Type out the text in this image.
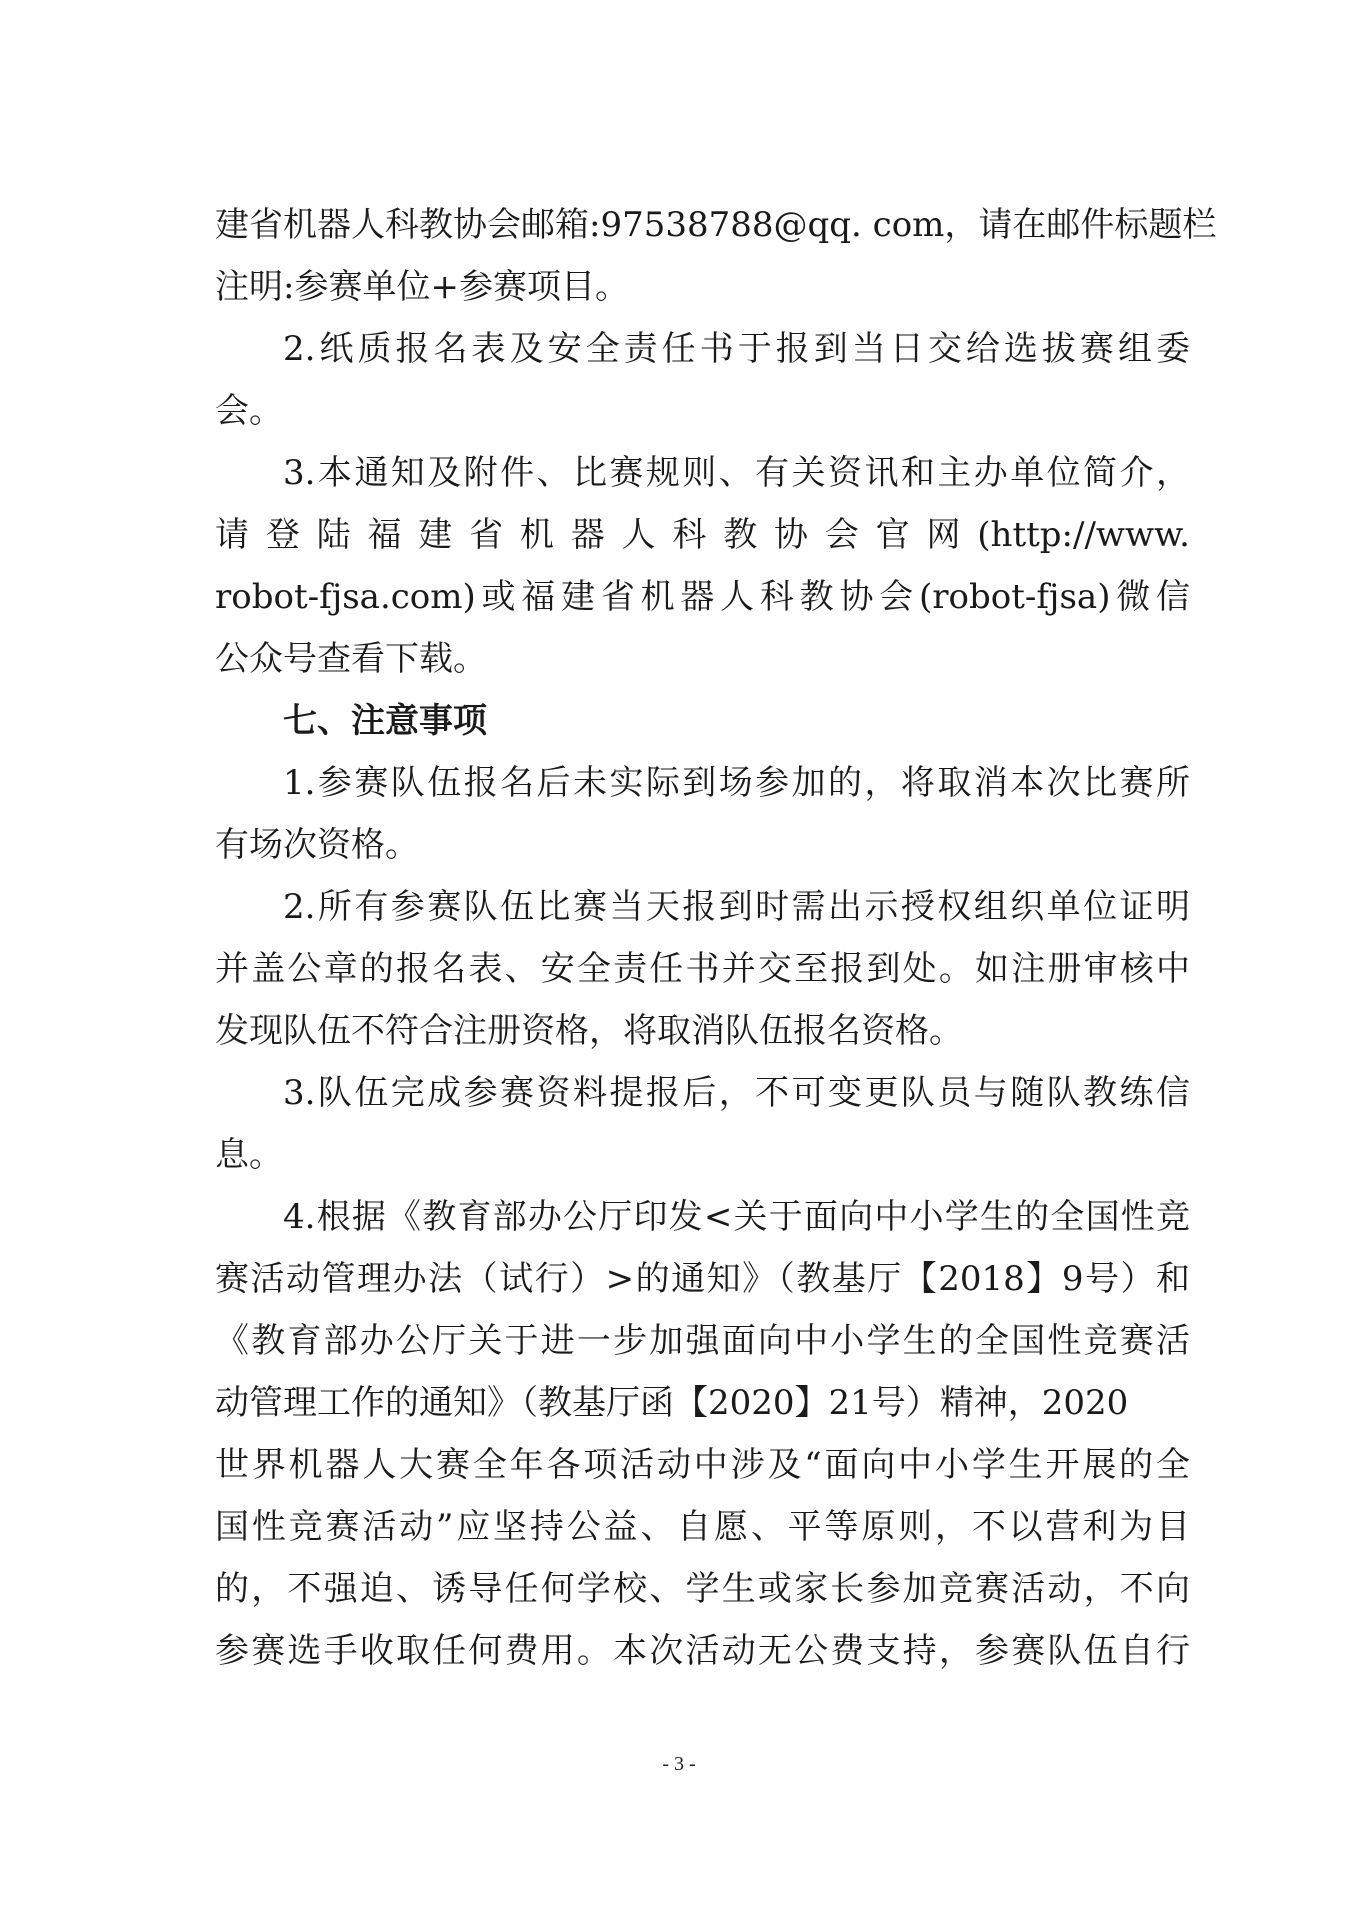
建省机器人科教协会邮箱:97538788@qq. com，请在邮件标题栏
注明:参赛单位+参赛项目。
2.纸质报名表及安全责任书于报到当日交给选拔赛组委
会。
3.本通知及附件、比赛规则、有关资讯和主办单位简介，
请登陆福建省机器人科教协会官网(http://www.
robot-fjsa.com)或福建省机器人科教协会(robot-fjsa)微信
公众号查看下载。
七、注意事项
1.参赛队伍报名后未实际到场参加的，将取消本次比赛所
有场次资格。
2.所有参赛队伍比赛当天报到时需出示授权组织单位证明
并盖公章的报名表、安全责任书并交至报到处。如注册审核中
发现队伍不符合注册资格，将取消队伍报名资格。
3.队伍完成参赛资料提报后，不可变更队员与随队教练信
息。
4.根据《教育部办公厅印发<关于面向中小学生的全国性竞
赛活动管理办法（试行）>的通知》（教基厅【2018】9号）和
《教育部办公厅关于进一步加强面向中小学生的全国性竞赛活
动管理工作的通知》（教基厅函【2020】21号）精神，2020
世界机器人大赛全年各项活动中涉及“面向中小学生开展的全
国性竞赛活动”应坚持公益、自愿、平等原则，不以营利为目
的，不强迫、诱导任何学校、学生或家长参加竞赛活动，不向
参赛选手收取任何费用。本次活动无公费支持，参赛队伍自行
- 3 -
